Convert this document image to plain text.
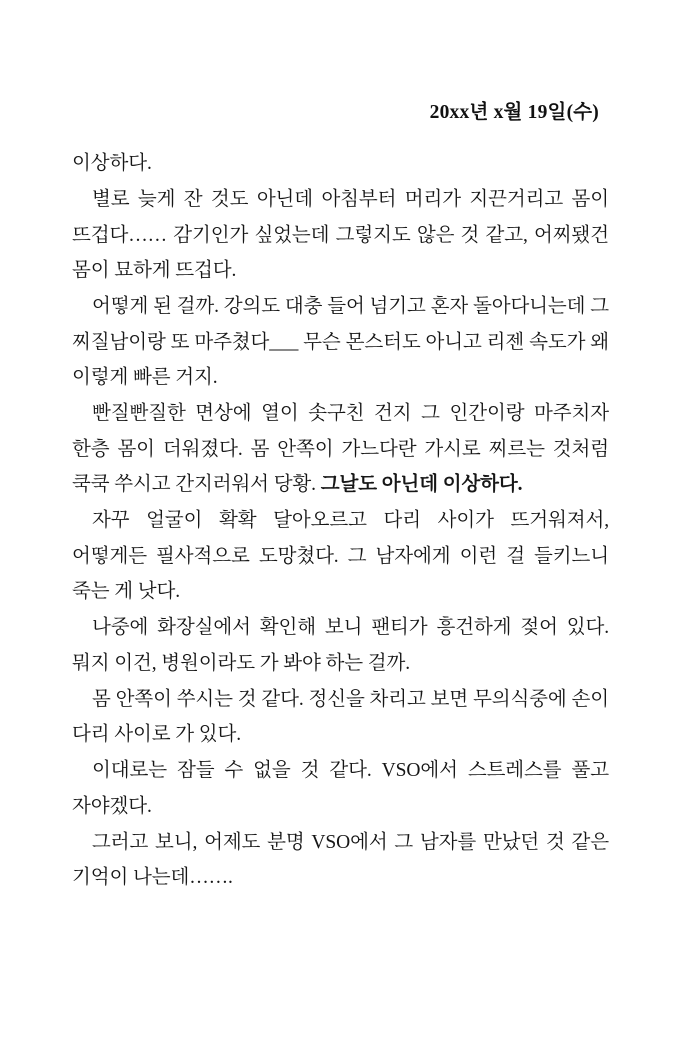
20xx년 x월 19일(수)

이상하다.

별로 늦게 잔 것도 아닌데 아침부터 머리가 지끈거리고 몸이 뜨겁다…… 감기인가 싶었는데 그렇지도 않은 것 같고, 어찌됐건 몸이 묘하게 뜨겁다.

어떻게 된 걸까. 강의도 대충 들어 넘기고 혼자 돌아다니는데 그 찌질남이랑 또 마주쳤다___ 무슨 몬스터도 아니고 리젠 속도가 왜 이렇게 빠른 거지.

빤질빤질한 면상에 열이 솟구친 건지 그 인간이랑 마주치자 한층 몸이 더워졌다. 몸 안쪽이 가느다란 가시로 찌르는 것처럼 쿡쿡 쑤시고 간지러워서 당황. 그날도 아닌데 이상하다.

자꾸 얼굴이 확확 달아오르고 다리 사이가 뜨거워져서, 어떻게든 필사적으로 도망쳤다. 그 남자에게 이런 걸 들키느니 죽는 게 낫다.

나중에 화장실에서 확인해 보니 팬티가 흥건하게 젖어 있다. 뭐지 이건, 병원이라도 가 봐야 하는 걸까.

몸 안쪽이 쑤시는 것 같다. 정신을 차리고 보면 무의식중에 손이 다리 사이로 가 있다.

이대로는 잠들 수 없을 것 같다. VSO에서 스트레스를 풀고 자야겠다.

그러고 보니, 어제도 분명 VSO에서 그 남자를 만났던 것 같은 기억이 나는데…….
